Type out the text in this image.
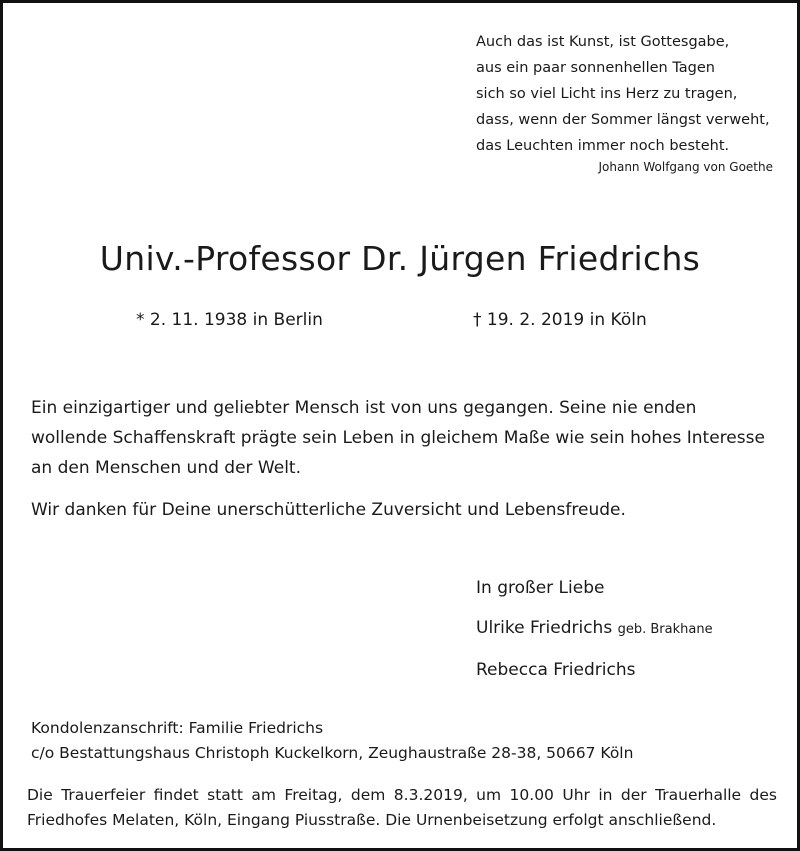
Auch das ist Kunst, ist Gottesgabe,
aus ein paar sonnenhellen Tagen
sich so viel Licht ins Herz zu tragen,
dass, wenn der Sommer längst verweht,
das Leuchten immer noch besteht.
Johann Wolfgang von Goethe
Univ.-Professor Dr. Jürgen Friedrichs
* 2. 11. 1938 in Berlin	† 19. 2. 2019 in Köln

Ein einzigartiger und geliebter Mensch ist von uns gegangen. Seine nie enden wollende Schaffenskraft prägte sein Leben in gleichem Maße wie sein hohes Interesse an den Menschen und der Welt.

Wir danken für Deine unerschütterliche Zuversicht und Lebensfreude.

In großer Liebe
Ulrike Friedrichs geb. Brakhane
Rebecca Friedrichs
Kondolenzanschrift: Familie Friedrichs
c/o Bestattungshaus Christoph Kuckelkorn, Zeughaustraße 28-38, 50667 Köln
Die Trauerfeier findet statt am Freitag, dem 8.3.2019, um 10.00 Uhr in der Trauerhalle des Friedhofes Melaten, Köln, Eingang Piusstraße. Die Urnenbeisetzung erfolgt anschließend.
